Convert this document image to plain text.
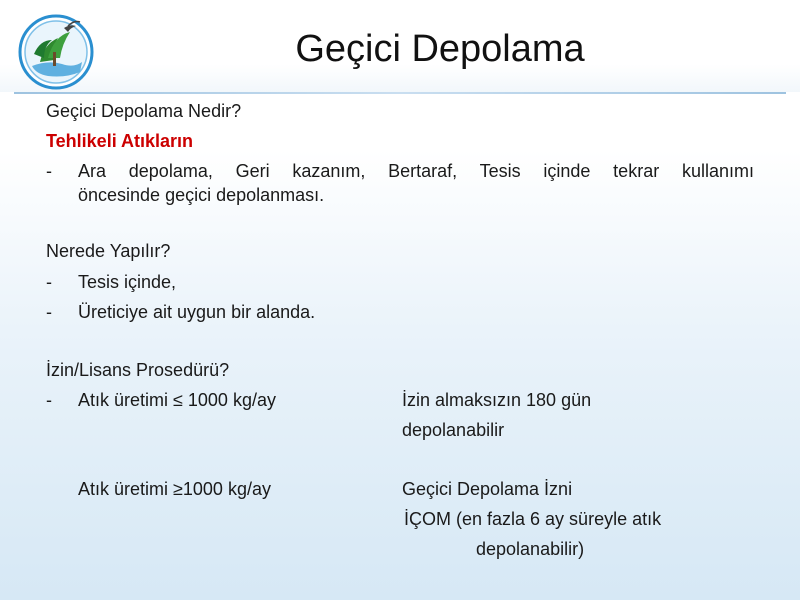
Geçici Depolama
Geçici Depolama Nedir?
Tehlikeli Atıkların
- Ara depolama, Geri kazanım, Bertaraf, Tesis içinde tekrar kullanımı
öncesinde geçici depolanması.
Nerede Yapılır?
- Tesis içinde,
- Üreticiye ait uygun bir alanda.
İzin/Lisans Prosedürü?
- Atık üretimi ≤ 1000 kg/ay	İzin almaksızın 180 gün
depolanabilir
Atık üretimi ≥1000 kg/ay	Geçici Depolama İzni
İÇOM (en fazla 6 ay süreyle atık
depolanabilir)
